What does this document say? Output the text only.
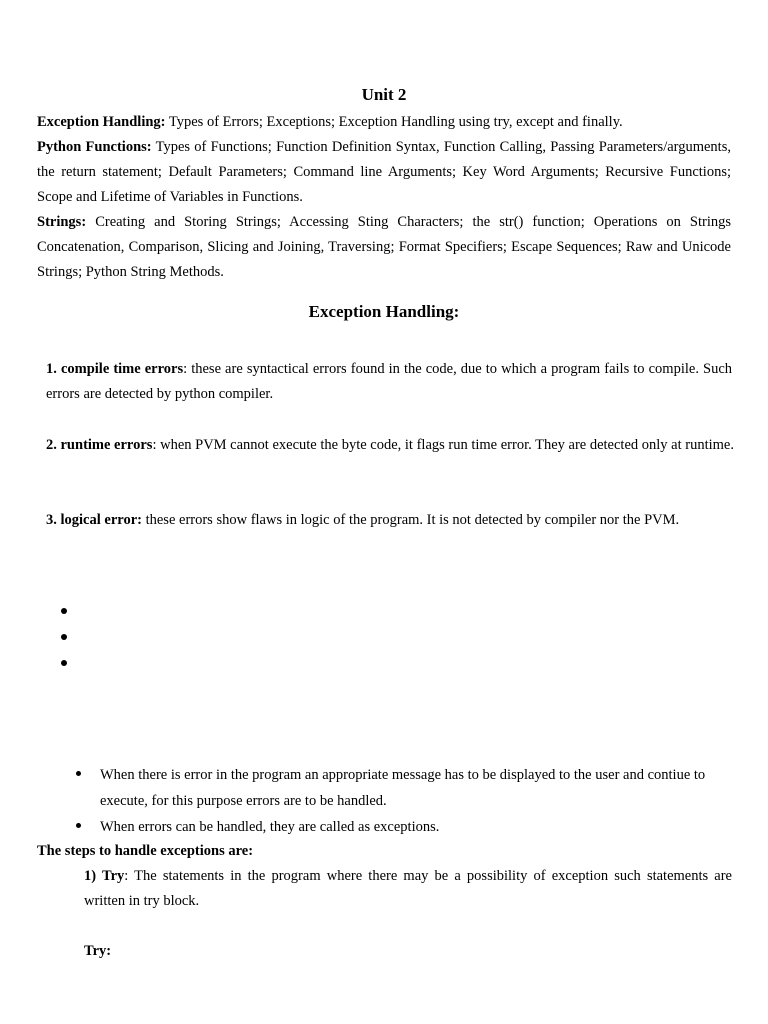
Unit 2

Exception Handling: Types of Errors; Exceptions; Exception Handling using try, except and finally.

Python Functions: Types of Functions; Function Definition Syntax, Function Calling, Passing Parameters/arguments, the return statement; Default Parameters; Command line Arguments; Key Word Arguments; Recursive Functions; Scope and Lifetime of Variables in Functions.

Strings: Creating and Storing Strings; Accessing Sting Characters; the str() function; Operations on Strings Concatenation, Comparison, Slicing and Joining, Traversing; Format Specifiers; Escape Sequences; Raw and Unicode Strings; Python String Methods.

Exception Handling:

1. compile time errors: these are syntactical errors found in the code, due to which a program fails to compile. Such errors are detected by python compiler.

2. runtime errors: when PVM cannot execute the byte code, it flags run time error. They are detected only at runtime.

3. logical error: these errors show flaws in logic of the program. It is not detected by compiler nor the PVM.

When there is error in the program an appropriate message has to be displayed to the user and contiue to execute, for this purpose errors are to be handled.

When errors can be handled, they are called as exceptions.

The steps to handle exceptions are:

1) Try: The statements in the program where there may be a possibility of exception such statements are written in try block.

Try:
